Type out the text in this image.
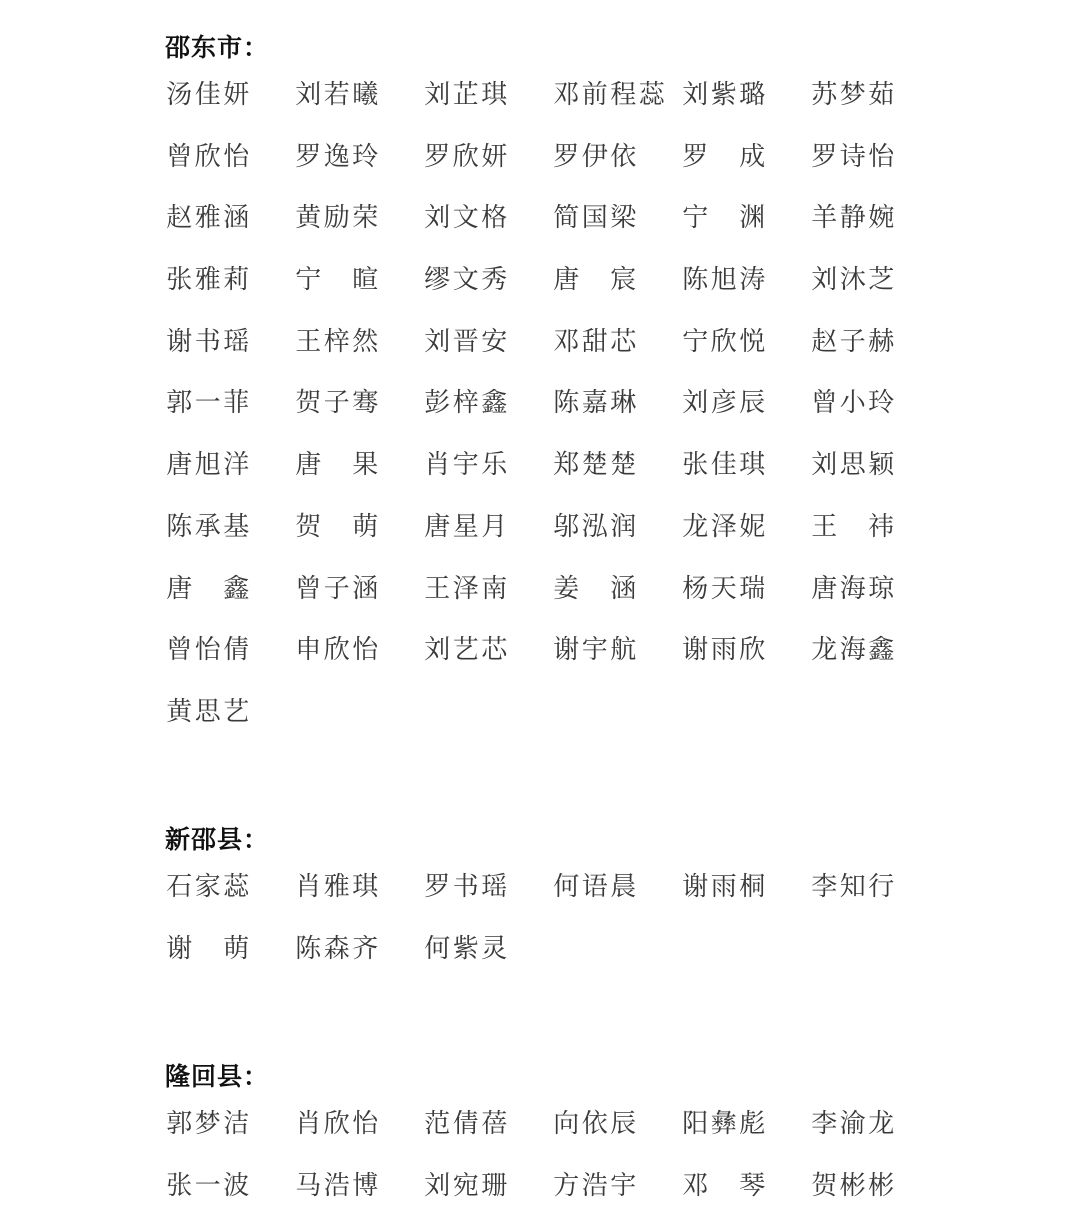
邵东市：
汤 佳 妍 刘 若 曦 刘 芷 琪 邓 前 程 蕊 刘 紫 璐 苏 梦 茹
曾 欣 怡 罗 逸 玲 罗 欣 妍 罗 伊 依 罗
　 成 罗 诗 怡
赵 雅 涵 黄 励 荣 刘 文 格 简 国 梁 宁
　 渊 羊 静 婉
张 雅 莉 宁
　 暄 缪 文 秀 唐
　 宸 陈 旭 涛 刘 沐 芝
谢 书 瑶 王 梓 然 刘 晋 安 邓 甜 芯 宁 欣 悦 赵 子 赫
郭 一 菲 贺 子 骞 彭 梓 鑫 陈 嘉 琳 刘 彦 辰 曾 小 玲
唐 旭 洋 唐
　 果 肖 宇 乐 郑 楚 楚 张 佳 琪 刘 思 颖
陈 承 基 贺
　 萌 唐 星 月 邬 泓 润 龙 泽 妮 王
　 祎
唐
　 鑫 曾 子 涵 王 泽 南 姜
　 涵 杨 天 瑞 唐 海 琼
曾 怡 倩 申 欣 怡 刘 艺 芯 谢 宇 航 谢 雨 欣 龙 海 鑫
黄 思 艺
新邵县：
石 家 蕊 肖 雅 琪 罗 书 瑶 何 语 晨 谢 雨 桐 李 知 行
谢
　 萌 陈 森 齐 何 紫 灵
隆回县：
郭 梦 洁 肖 欣 怡 范 倩 蓓 向 依 辰 阳 彝 彪 李 渝 龙
张 一 波 马 浩 博 刘 宛 珊 方 浩 宇 邓
　 琴 贺 彬 彬
